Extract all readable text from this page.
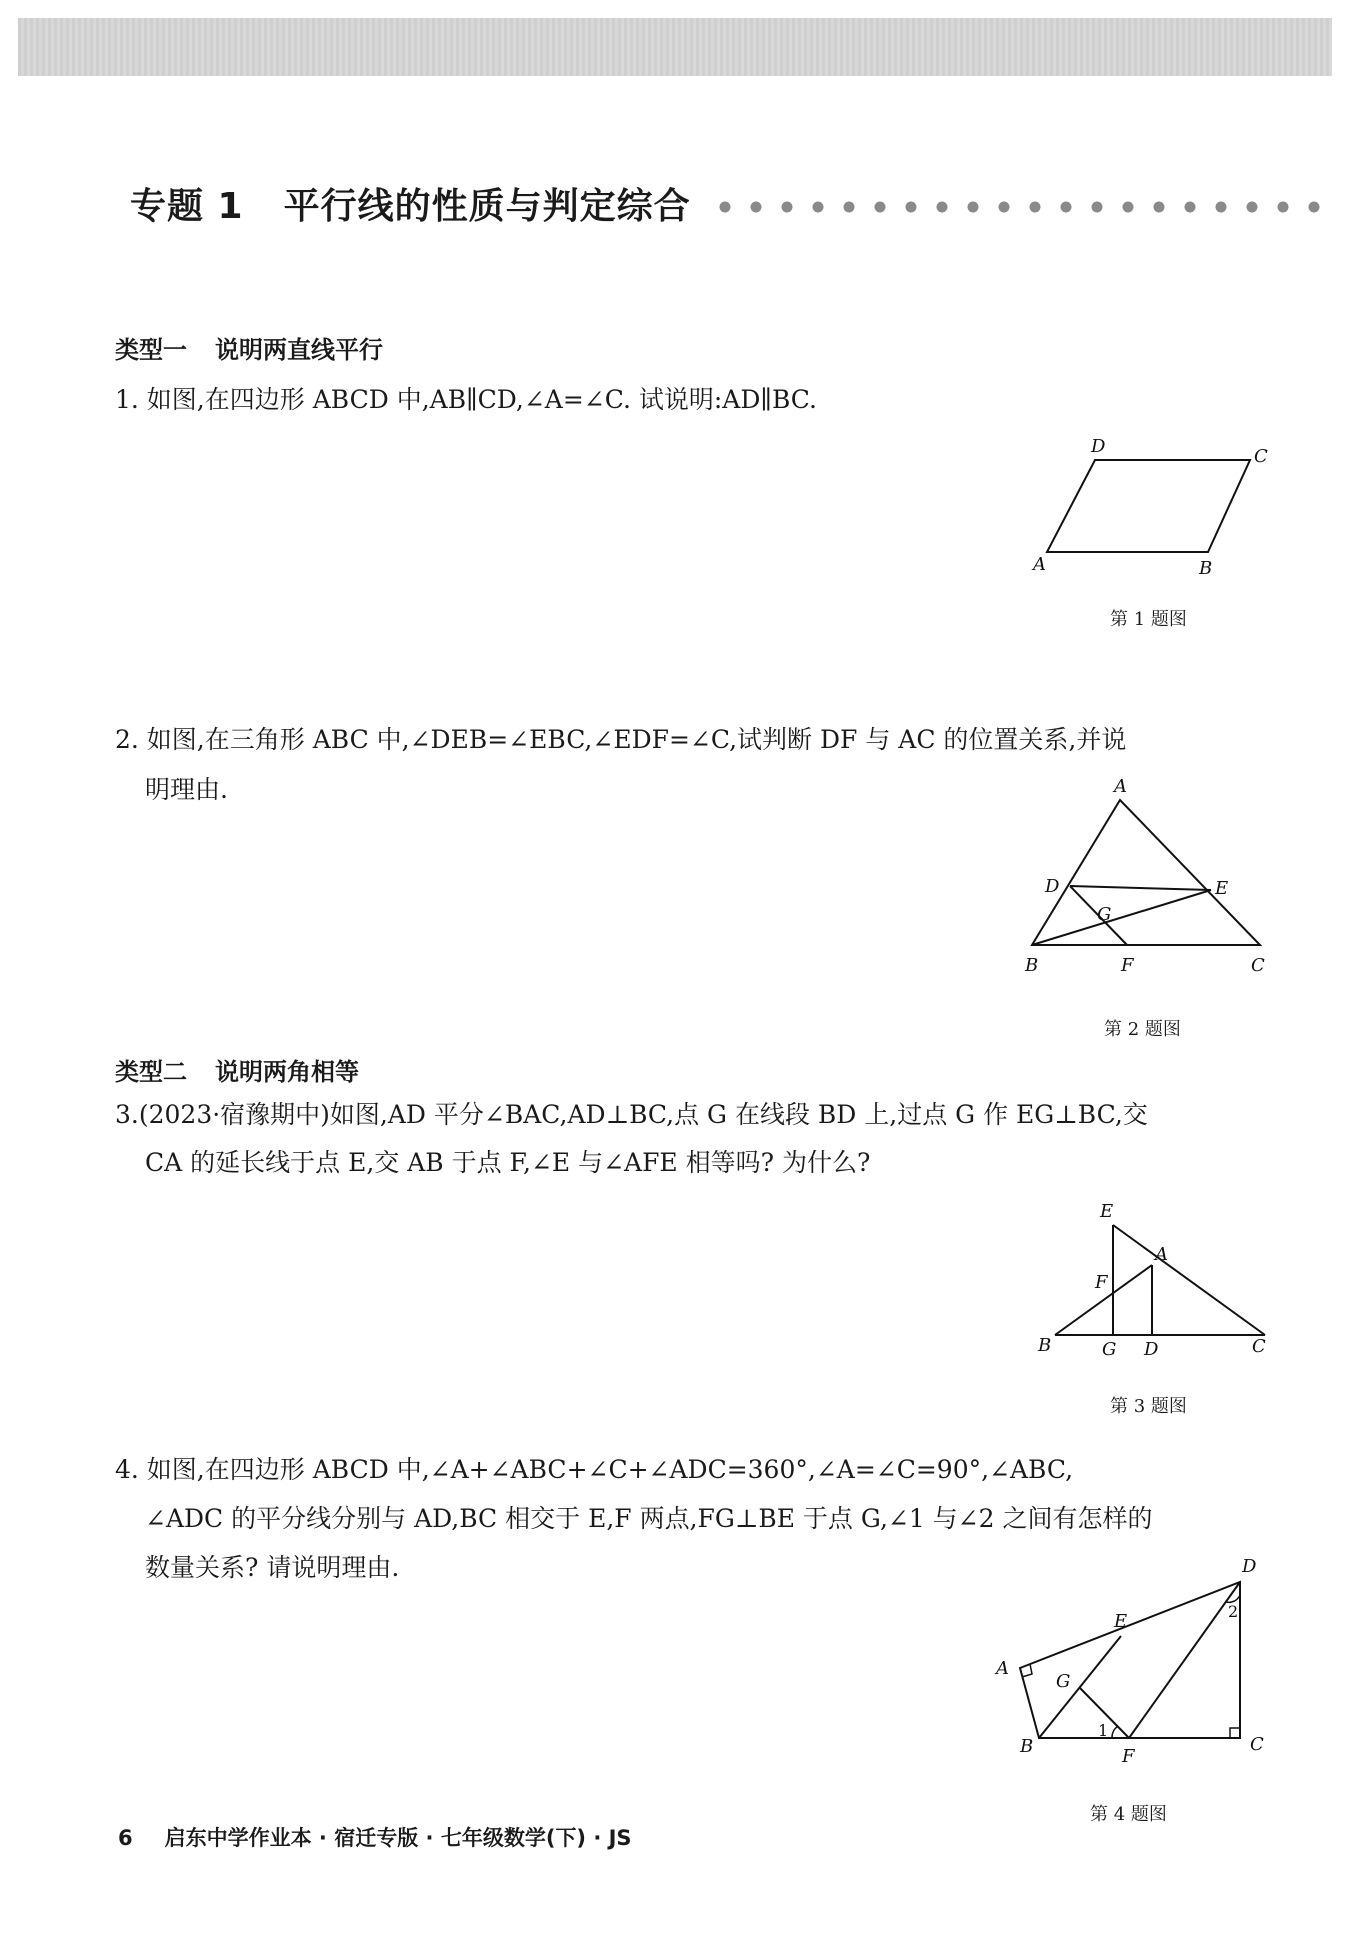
专题 1 平行线的性质与判定综合
类型一 说明两直线平行
1. 如图,在四边形 ABCD 中,AB∥CD,∠A=∠C. 试说明:AD∥BC.
A	B
C
D
第 1 题图
2. 如图,在三角形 ABC 中,∠DEB=∠EBC,∠EDF=∠C,试判断 DF 与 AC 的位置关系,并说
明理由.	A
B	C
D	E
F
G
第 2 题图
类型二 说明两角相等
3.(2023·宿豫期中)如图,AD 平分∠BAC,AD⊥BC,点 G 在线段 BD 上,过点 G 作 EG⊥BC,交
CA 的延长线于点 E,交 AB 于点 F,∠E 与∠AFE 相等吗? 为什么?
E
A
F
B	G D	C
第 3 题图
4. 如图,在四边形 ABCD 中,∠A+∠ABC+∠C+∠ADC=360°,∠A=∠C=90°,∠ABC,
∠ADC 的平分线分别与 AD,BC 相交于 E,F 两点,FG⊥BE 于点 G,∠1 与∠2 之间有怎样的
数量关系? 请说明理由.	D
E
A
G
B	F
C
1
2
第 4 题图
6 启东中学作业本 · 宿迁专版 · 七年级数学(下) · JS
